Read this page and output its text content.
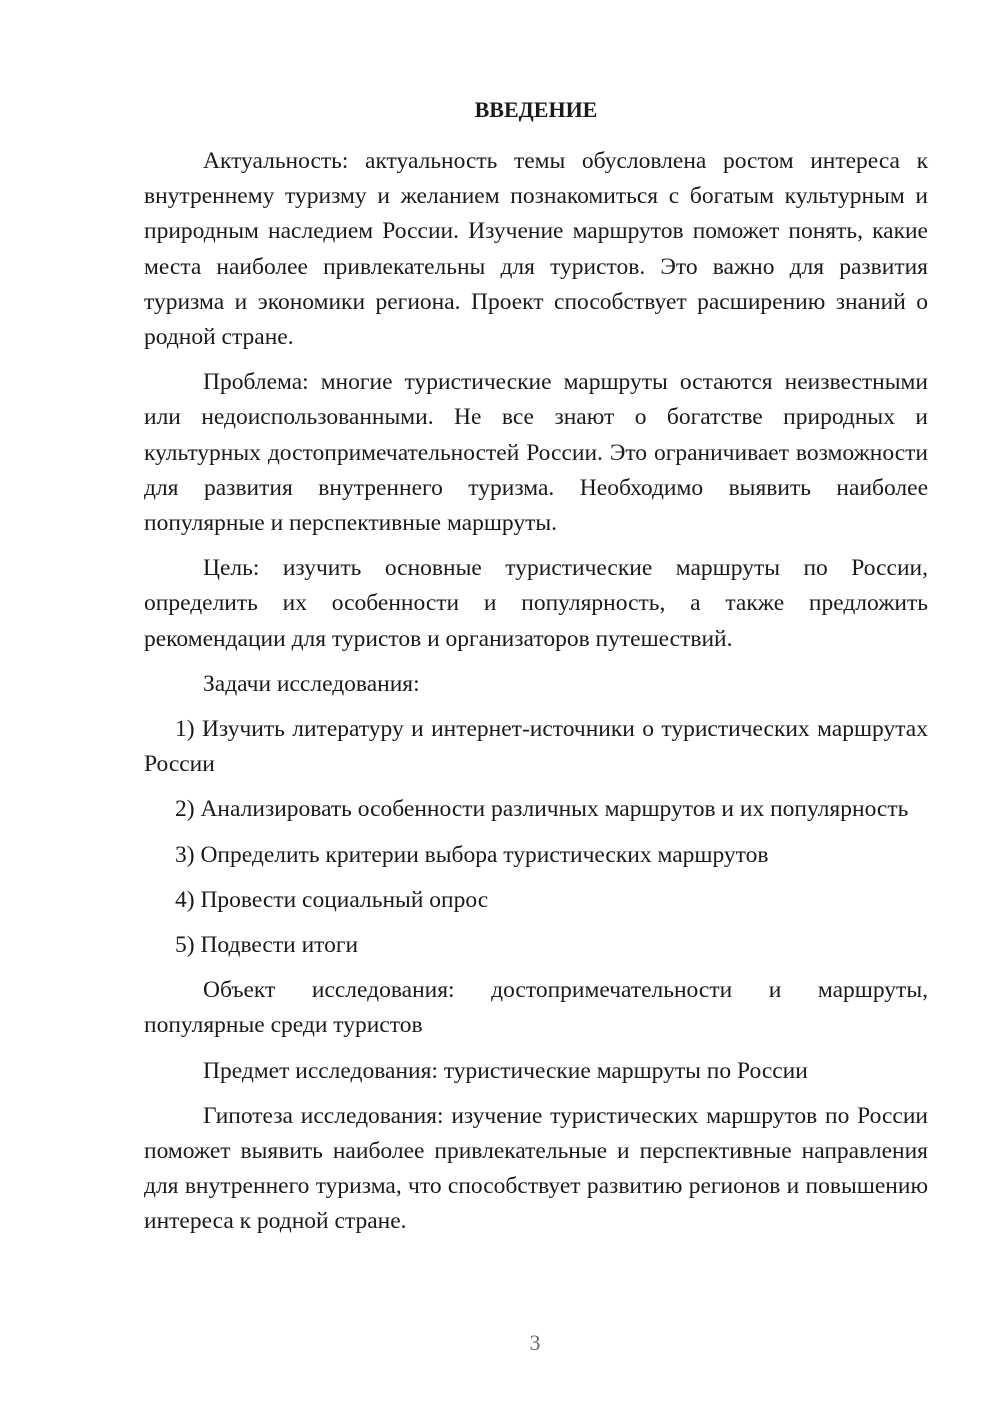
ВВЕДЕНИЕ

Актуальность: актуальность темы обусловлена ростом интереса к внутреннему туризму и желанием познакомиться с богатым культурным и природным наследием России. Изучение маршрутов поможет понять, какие места наиболее привлекательны для туристов. Это важно для развития туризма и экономики региона. Проект способствует расширению знаний о родной стране.

Проблема: многие туристические маршруты остаются неизвестными или недоиспользованными. Не все знают о богатстве природных и культурных достопримечательностей России. Это ограничивает возможности для развития внутреннего туризма. Необходимо выявить наиболее популярные и перспективные маршруты.

Цель: изучить основные туристические маршруты по России, определить их особенности и популярность, а также предложить рекомендации для туристов и организаторов путешествий.

Задачи исследования:

1) Изучить литературу и интернет-источники о туристических маршрутах России

2) Анализировать особенности различных маршрутов и их популярность

3) Определить критерии выбора туристических маршрутов

4) Провести социальный опрос

5) Подвести итоги

Объект исследования: достопримечательности и маршруты, популярные среди туристов

Предмет исследования: туристические маршруты по России

Гипотеза исследования: изучение туристических маршрутов по России поможет выявить наиболее привлекательные и перспективные направления для внутреннего туризма, что способствует развитию регионов и повышению интереса к родной стране.

3
